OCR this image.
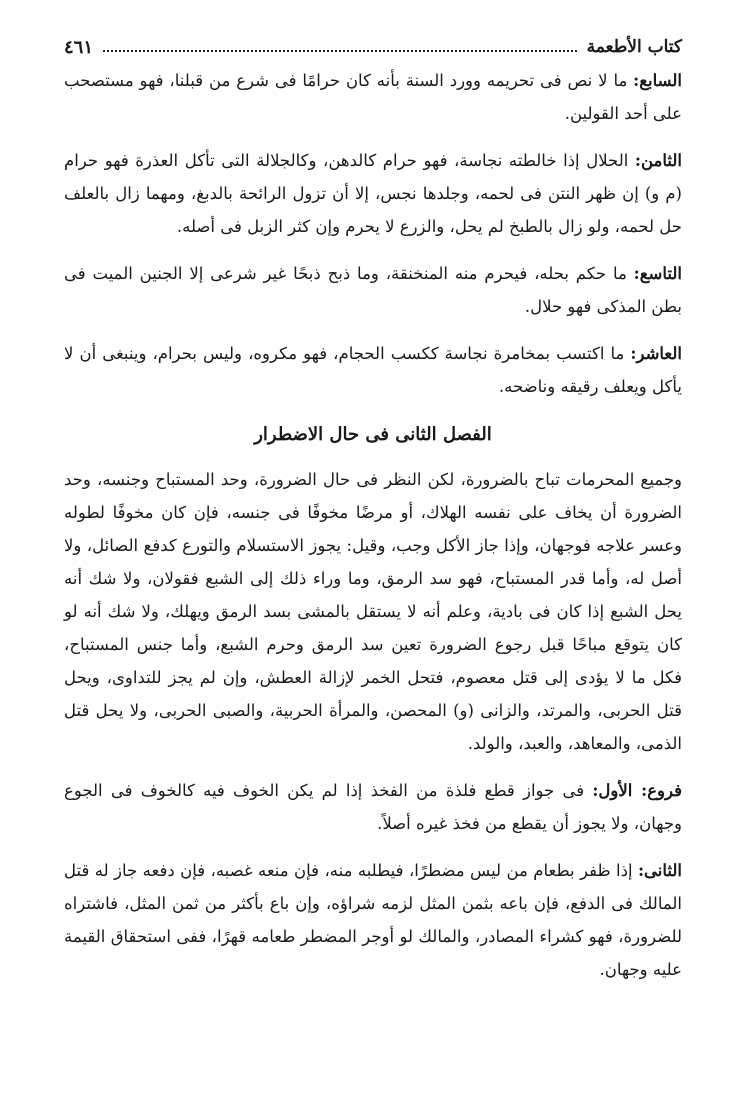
كتاب الأطعمة
٤٦١

السابع: ما لا نص فى تحريمه وورد السنة بأنه كان حرامًا فى شرع من قبلنا، فهو مستصحب على أحد القولين.

الثامن: الحلال إذا خالطته نجاسة، فهو حرام كالدهن، وكالجلالة التى تأكل العذرة فهو حرام (م و) إن ظهر النتن فى لحمه، وجلدها نجس، إلا أن تزول الرائحة بالدبغ، ومهما زال بالعلف حل لحمه، ولو زال بالطبخ لم يحل، والزرع لا يحرم وإن كثر الزبل فى أصله.

التاسع: ما حكم بحله، فيحرم منه المنخنقة، وما ذبح ذبحًا غير شرعى إلا الجنين الميت فى بطن المذكى فهو حلال.

العاشر: ما اكتسب بمخامرة نجاسة ككسب الحجام، فهو مكروه، وليس بحرام، وينبغى أن لا يأكل ويعلف رقيقه وناضحه.

الفصل الثانى فى حال الاضطرار

وجميع المحرمات تباح بالضرورة، لكن النظر فى حال الضرورة، وحد المستباح وجنسه، وحد الضرورة أن يخاف على نفسه الهلاك، أو مرضًا مخوفًا فى جنسه، فإن كان مخوفًا لطوله وعسر علاجه فوجهان، وإذا جاز الأكل وجب، وقيل: يجوز الاستسلام والتورع كدفع الصائل، ولا أصل له، وأما قدر المستباح، فهو سد الرمق، وما وراء ذلك إلى الشبع فقولان، ولا شك أنه يحل الشبع إذا كان فى بادية، وعلم أنه لا يستقل بالمشى بسد الرمق ويهلك، ولا شك أنه لو كان يتوقع مباحًا قبل رجوع الضرورة تعين سد الرمق وحرم الشبع، وأما جنس المستباح، فكل ما لا يؤدى إلى قتل معصوم، فتحل الخمر لإزالة العطش، وإن لم يجز للتداوى، ويحل قتل الحربى، والمرتد، والزانى (و) المحصن، والمرأة الحربية، والصبى الحربى، ولا يحل قتل الذمى، والمعاهد، والعبد، والولد.

فروع: الأول: فى جواز قطع فلذة من الفخذ إذا لم يكن الخوف فيه كالخوف فى الجوع وجهان، ولا يجوز أن يقطع من فخذ غيره أصلاً.

الثانى: إذا ظفر بطعام من ليس مضطرًا، فيطلبه منه، فإن منعه غصبه، فإن دفعه جاز له قتل المالك فى الدفع، فإن باعه بثمن المثل لزمه شراؤه، وإن باع بأكثر من ثمن المثل، فاشتراه للضرورة، فهو كشراء المصادر، والمالك لو أوجر المضطر طعامه قهرًا، ففى استحقاق القيمة عليه وجهان.
